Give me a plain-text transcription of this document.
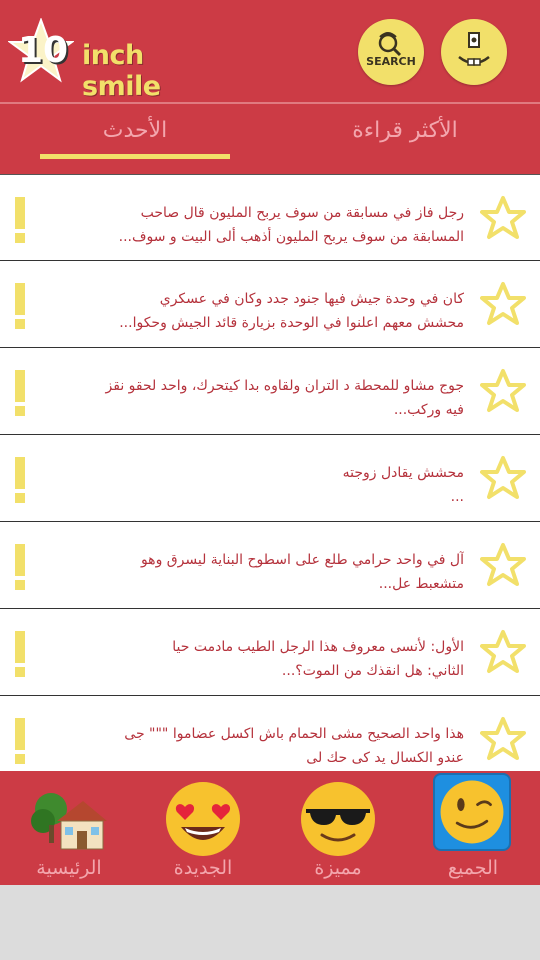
10 inch smile
SEARCH
الأكثر قراءة
الأحدث
رجل فاز في مسابقة من سوف يربح المليون قال صاحب
المسابقة من سوف يربح المليون أذهب ألى البيت و سوف...
كان في وحدة جيش فيها جنود جدد وكان في عسكري
محشش معهم اعلنوا في الوحدة بزيارة قائد الجيش وحكوا...
جوج مشاو للمحطة د التران ولقاوه بدا كيتحرك، واحد لحقو نقز
فيه وركب...
محشش يقادل زوجته
...
آل في واحد حرامي طلع على اسطوح البناية ليسرق وهو
متشعبط عل...
الأول: لأنسى معروف هذا الرجل الطيب مادمت حيا
الثاني: هل انقذك من الموت؟...
هذا واحد الصحيح مشى الحمام باش اكسل عضاموا """ جى
عندو الكسال يد كى حك لى
الرئيسية	الجديدة	مميزة	الجميع
